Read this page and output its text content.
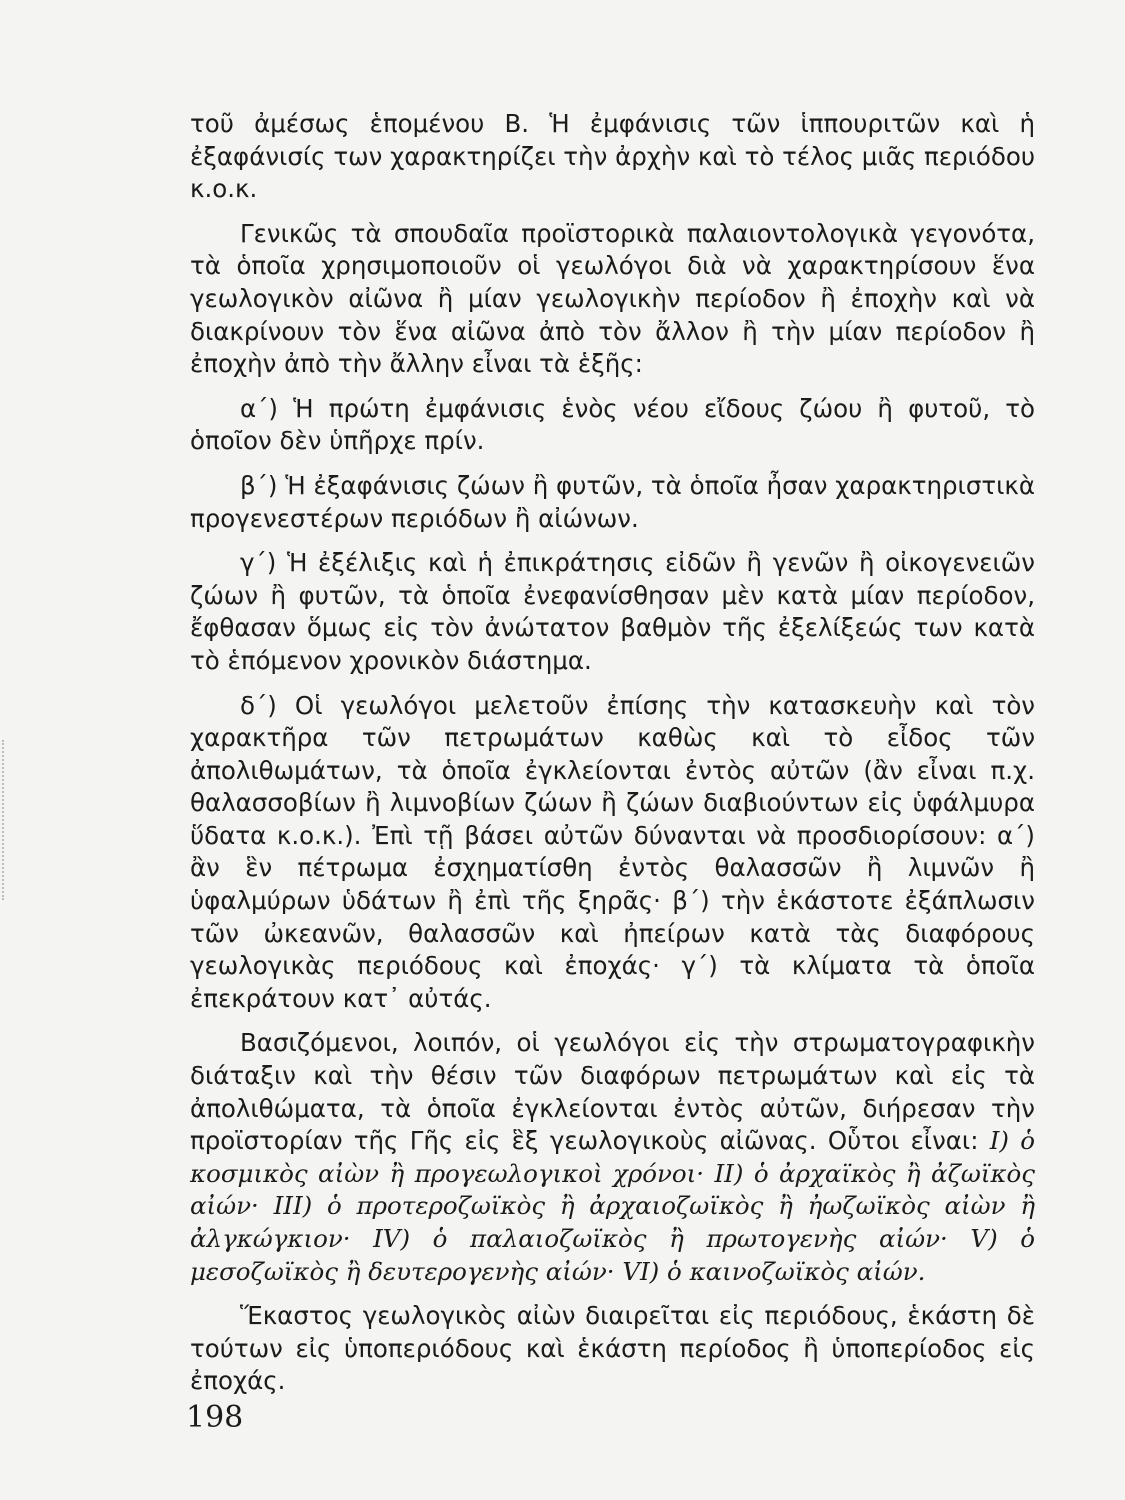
τοῦ ἀμέσως ἑπομένου Β. Ἡ ἐμφάνισις τῶν ἱππουριτῶν καὶ ἡ ἐξαφάνισίς των χαρακτηρίζει τὴν ἀρχὴν καὶ τὸ τέλος μιᾶς περιόδου κ.ο.κ.

Γενικῶς τὰ σπουδαῖα προϊστορικὰ παλαιοντολογικὰ γεγονότα, τὰ ὁποῖα χρησιμοποιοῦν οἱ γεωλόγοι διὰ νὰ χαρακτηρίσουν ἕνα γεωλογικὸν αἰῶνα ἢ μίαν γεωλογικὴν περίοδον ἢ ἐποχὴν καὶ νὰ διακρίνουν τὸν ἕνα αἰῶνα ἀπὸ τὸν ἄλλον ἢ τὴν μίαν περίοδον ἢ ἐποχὴν ἀπὸ τὴν ἄλλην εἶναι τὰ ἑξῆς:

α΄) Ἡ πρώτη ἐμφάνισις ἑνὸς νέου εἴδους ζώου ἢ φυτοῦ, τὸ ὁποῖον δὲν ὑπῆρχε πρίν.

β΄) Ἡ ἐξαφάνισις ζώων ἢ φυτῶν, τὰ ὁποῖα ἦσαν χαρακτηριστικὰ προγενεστέρων περιόδων ἢ αἰώνων.

γ΄) Ἡ ἐξέλιξις καὶ ἡ ἐπικράτησις εἰδῶν ἢ γενῶν ἢ οἰκογενειῶν ζώων ἢ φυτῶν, τὰ ὁποῖα ἐνεφανίσθησαν μὲν κατὰ μίαν περίοδον, ἔφθασαν ὅμως εἰς τὸν ἀνώτατον βαθμὸν τῆς ἐξελίξεώς των κατὰ τὸ ἑπόμενον χρονικὸν διάστημα.

δ΄) Οἱ γεωλόγοι μελετοῦν ἐπίσης τὴν κατασκευὴν καὶ τὸν χαρακτῆρα τῶν πετρωμάτων καθὼς καὶ τὸ εἶδος τῶν ἀπολιθωμάτων, τὰ ὁποῖα ἐγκλείονται ἐντὸς αὐτῶν (ἂν εἶναι π.χ. θαλασσοβίων ἢ λιμνοβίων ζώων ἢ ζώων διαβιούντων εἰς ὑφάλμυρα ὕδατα κ.ο.κ.). Ἐπὶ τῇ βάσει αὐτῶν δύνανται νὰ προσδιορίσουν: α΄) ἂν ἓν πέτρωμα ἐσχηματίσθη ἐντὸς θαλασσῶν ἢ λιμνῶν ἢ ὑφαλμύρων ὑδάτων ἢ ἐπὶ τῆς ξηρᾶς· β΄) τὴν ἑκάστοτε ἐξάπλωσιν τῶν ὠκεανῶν, θαλασσῶν καὶ ἠπείρων κατὰ τὰς διαφόρους γεωλογικὰς περιόδους καὶ ἐποχάς· γ΄) τὰ κλίματα τὰ ὁποῖα ἐπεκράτουν κατ᾽ αὐτάς.

Βασιζόμενοι, λοιπόν, οἱ γεωλόγοι εἰς τὴν στρωματογραφικὴν διάταξιν καὶ τὴν θέσιν τῶν διαφόρων πετρωμάτων καὶ εἰς τὰ ἀπολιθώματα, τὰ ὁποῖα ἐγκλείονται ἐντὸς αὐτῶν, διήρεσαν τὴν προϊστορίαν τῆς Γῆς εἰς ἓξ γεωλογικοὺς αἰῶνας. Οὗτοι εἶναι: I) ὁ κοσμικὸς αἰὼν ἢ προγεωλογικοὶ χρόνοι· II) ὁ ἀρχαϊκὸς ἢ ἀζωϊκὸς αἰών· III) ὁ προτεροζωϊκὸς ἢ ἀρχαιοζωϊκὸς ἢ ἠωζωϊκὸς αἰὼν ἢ ἀλγκώγκιον· IV) ὁ παλαιοζωϊκὸς ἢ πρωτογενὴς αἰών· V) ὁ μεσοζωϊκὸς ἢ δευτερογενὴς αἰών· VI) ὁ καινοζωϊκὸς αἰών.

Ἕκαστος γεωλογικὸς αἰὼν διαιρεῖται εἰς περιόδους, ἑκάστη δὲ τούτων εἰς ὑποπεριόδους καὶ ἑκάστη περίοδος ἢ ὑποπερίοδος εἰς ἐποχάς.

198
